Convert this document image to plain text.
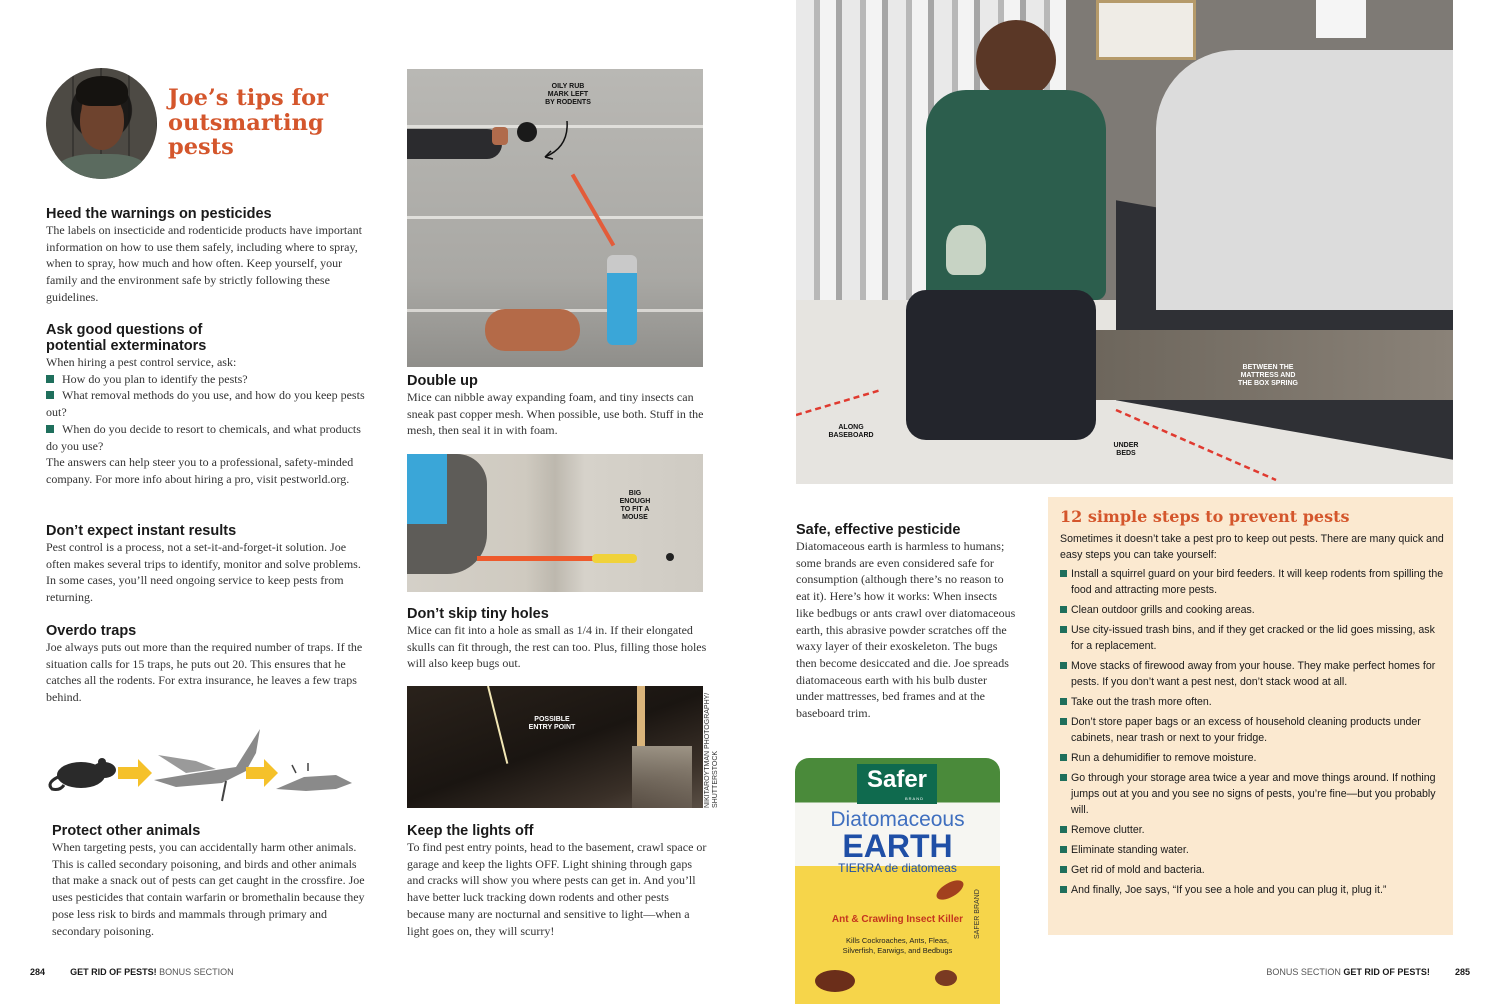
Joe’s tips for
outsmarting
pests
Heed the warnings on pesticides
The labels on insecticide and rodenticide products have important information on how to use them safely, including where to spray, when to spray, how much and how often. Keep yourself, your family and the environment safe by strictly following these guidelines.
Ask good questions of potential exterminators
When hiring a pest control service, ask:
How do you plan to identify the pests?
What removal methods do you use, and how do you keep pests out?
When do you decide to resort to chemicals, and what products do you use?
The answers can help steer you to a professional, safety-minded company. For more info about hiring a pro, visit pestworld.org.
Don’t expect instant results
Pest control is a process, not a set-it-and-forget-it solution. Joe often makes several trips to identify, monitor and solve problems. In some cases, you’ll need ongoing service to keep pests from returning.
Overdo traps
Joe always puts out more than the required number of traps. If the situation calls for 15 traps, he puts out 20. This ensures that he catches all the rodents. For extra insurance, he leaves a few traps behind.
Protect other animals
When targeting pests, you can accidentally harm other animals. This is called secondary poisoning, and birds and other animals that make a snack out of pests can get caught in the crossfire. Joe uses pesticides that contain warfarin or bromethalin because they pose less risk to birds and mammals through primary and secondary poisoning.
OILY RUB MARK LEFT BY RODENTS
Double up
Mice can nibble away expanding foam, and tiny insects can sneak past copper mesh. When possible, use both. Stuff in the mesh, then seal it in with foam.
BIG ENOUGH TO FIT A MOUSE
Don’t skip tiny holes
Mice can fit into a hole as small as 1/4 in. If their elongated skulls can fit through, the rest can too. Plus, filling those holes will also keep bugs out.
POSSIBLE ENTRY POINT	NIKITAROYTMAN PHOTOGRAPHY/ SHUTTERSTOCK
Keep the lights off
To find pest entry points, head to the basement, crawl space or garage and keep the lights OFF. Light shining through gaps and cracks will show you where pests can get in. And you’ll have better luck tracking down rodents and other pests because many are nocturnal and sensitive to light—when a light goes on, they will scurry!
284	GET RID OF PESTS! BONUS SECTION
ALONG BASEBOARD
BETWEEN THE MATTRESS AND THE BOX SPRING
UNDER BEDS
Safe, effective pesticide
Diatomaceous earth is harmless to humans; some brands are even considered safe for consumption (although there’s no reason to eat it). Here’s how it works: When insects like bedbugs or ants crawl over diatomaceous earth, this abrasive powder scratches off the waxy layer of their exoskeleton. The bugs then become desiccated and die. Joe spreads diatomaceous earth with his bulb duster under mattresses, bed frames and at the baseboard trim.
Safer
BRAND
Diatomaceous
EARTH
TIERRA de diatomeas
Ant & Crawling Insect Killer
Kills Cockroaches, Ants, Fleas,
Silverfish, Earwigs, and Bedbugs
SAFER BRAND
12 simple steps to prevent pests
Sometimes it doesn’t take a pest pro to keep out pests. There are many quick and easy steps you can take yourself:
Install a squirrel guard on your bird feeders. It will keep rodents from spilling the food and attracting more pests.
Clean outdoor grills and cooking areas.
Use city-issued trash bins, and if they get cracked or the lid goes missing, ask for a replacement.
Move stacks of firewood away from your house. They make perfect homes for pests. If you don’t want a pest nest, don’t stack wood at all.
Take out the trash more often.
Don’t store paper bags or an excess of household cleaning products under cabinets, near trash or next to your fridge.
Run a dehumidifier to remove moisture.
Go through your storage area twice a year and move things around. If nothing jumps out at you and you see no signs of pests, you’re fine—but you probably will.
Remove clutter.
Eliminate standing water.
Get rid of mold and bacteria.
And finally, Joe says, “If you see a hole and you can plug it, plug it.”
BONUS SECTION GET RID OF PESTS!	285
